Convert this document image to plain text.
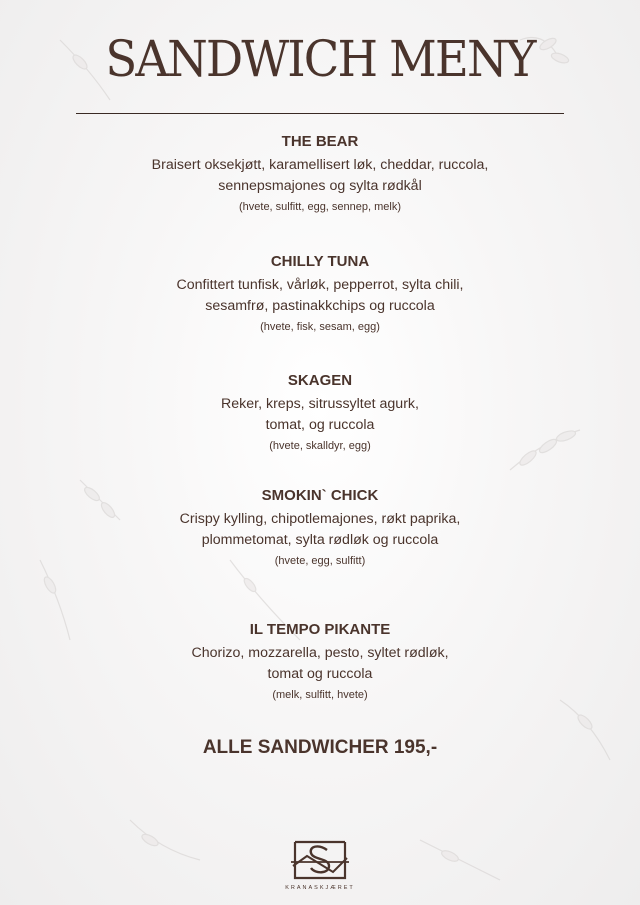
SANDWICH MENY
THE BEAR
Braisert oksekjøtt, karamellisert løk, cheddar, ruccola,
sennepsmajones og sylta rødkål
(hvete, sulfitt, egg, sennep, melk)
CHILLY TUNA
Confittert tunfisk, vårløk, pepperrot, sylta chili,
sesamfrø, pastinakkchips og ruccola
(hvete, fisk, sesam, egg)
SKAGEN
Reker, kreps, sitrussyltet agurk,
tomat, og ruccola
(hvete, skalldyr, egg)
SMOKIN` CHICK
Crispy kylling, chipotlemajones, røkt paprika,
plommetomat, sylta rødløk og ruccola
(hvete, egg, sulfitt)
IL TEMPO PIKANTE
Chorizo, mozzarella, pesto, syltet rødløk,
tomat og ruccola
(melk, sulfitt, hvete)
ALLE SANDWICHER 195,-
KRANASKJÆRET
